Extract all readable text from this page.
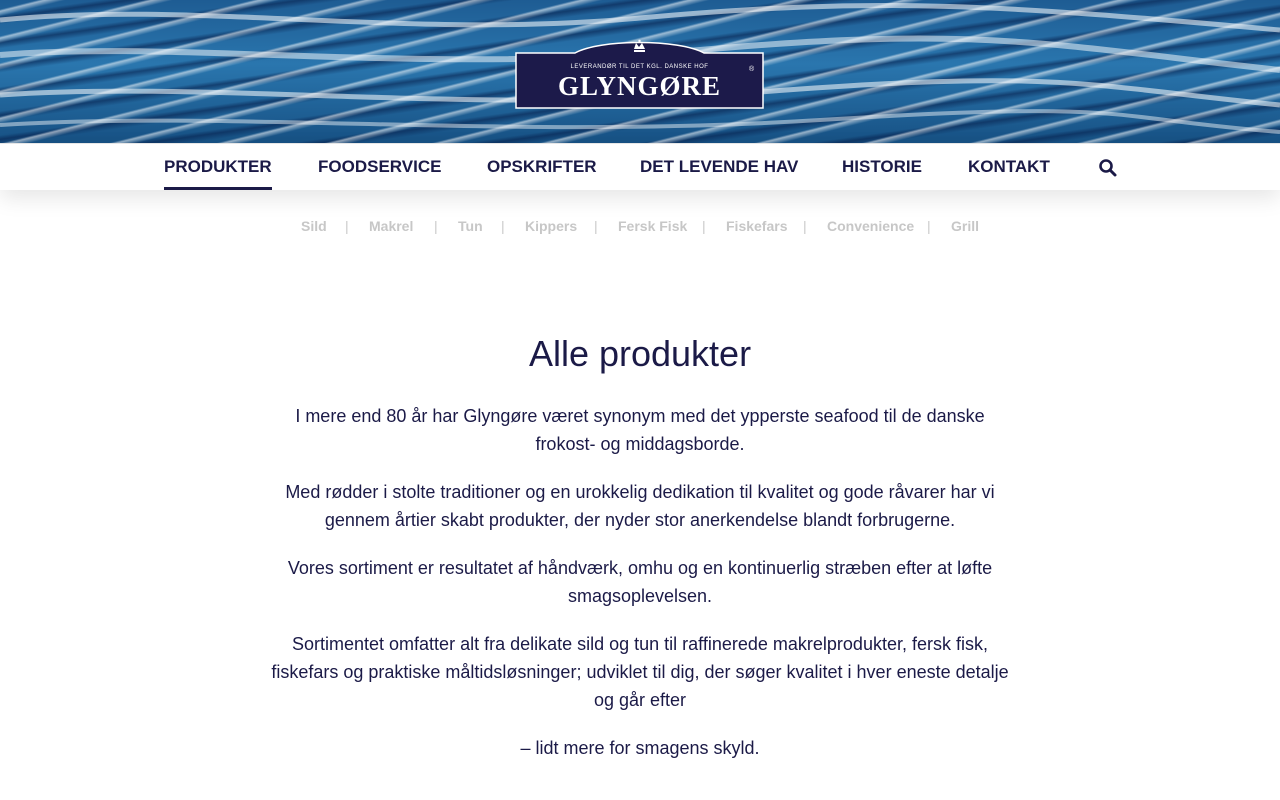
LEVERANDØR TIL DET KGL. DANSKE HOF
GLYNGØRE
®
PRODUKTER	FOODSERVICE	OPSKRIFTER	DET LEVENDE HAV	HISTORIE	KONTAKT
Sild | Makrel | Tun | Kippers | Fersk Fisk | Fiskefars | Convenience | Grill
Alle produkter

I mere end 80 år har Glyngøre været synonym med det ypperste seafood til de danske frokost- og middagsborde.

Med rødder i stolte traditioner og en urokkelig dedikation til kvalitet og gode råvarer har vi gennem årtier skabt produkter, der nyder stor anerkendelse blandt forbrugerne.

Vores sortiment er resultatet af håndværk, omhu og en kontinuerlig stræben efter at løfte smagsoplevelsen.

Sortimentet omfatter alt fra delikate sild og tun til raffinerede makrelprodukter, fersk fisk, fiskefars og praktiske måltidsløsninger; udviklet til dig, der søger kvalitet i hver eneste detalje og går efter

– lidt mere for smagens skyld.
